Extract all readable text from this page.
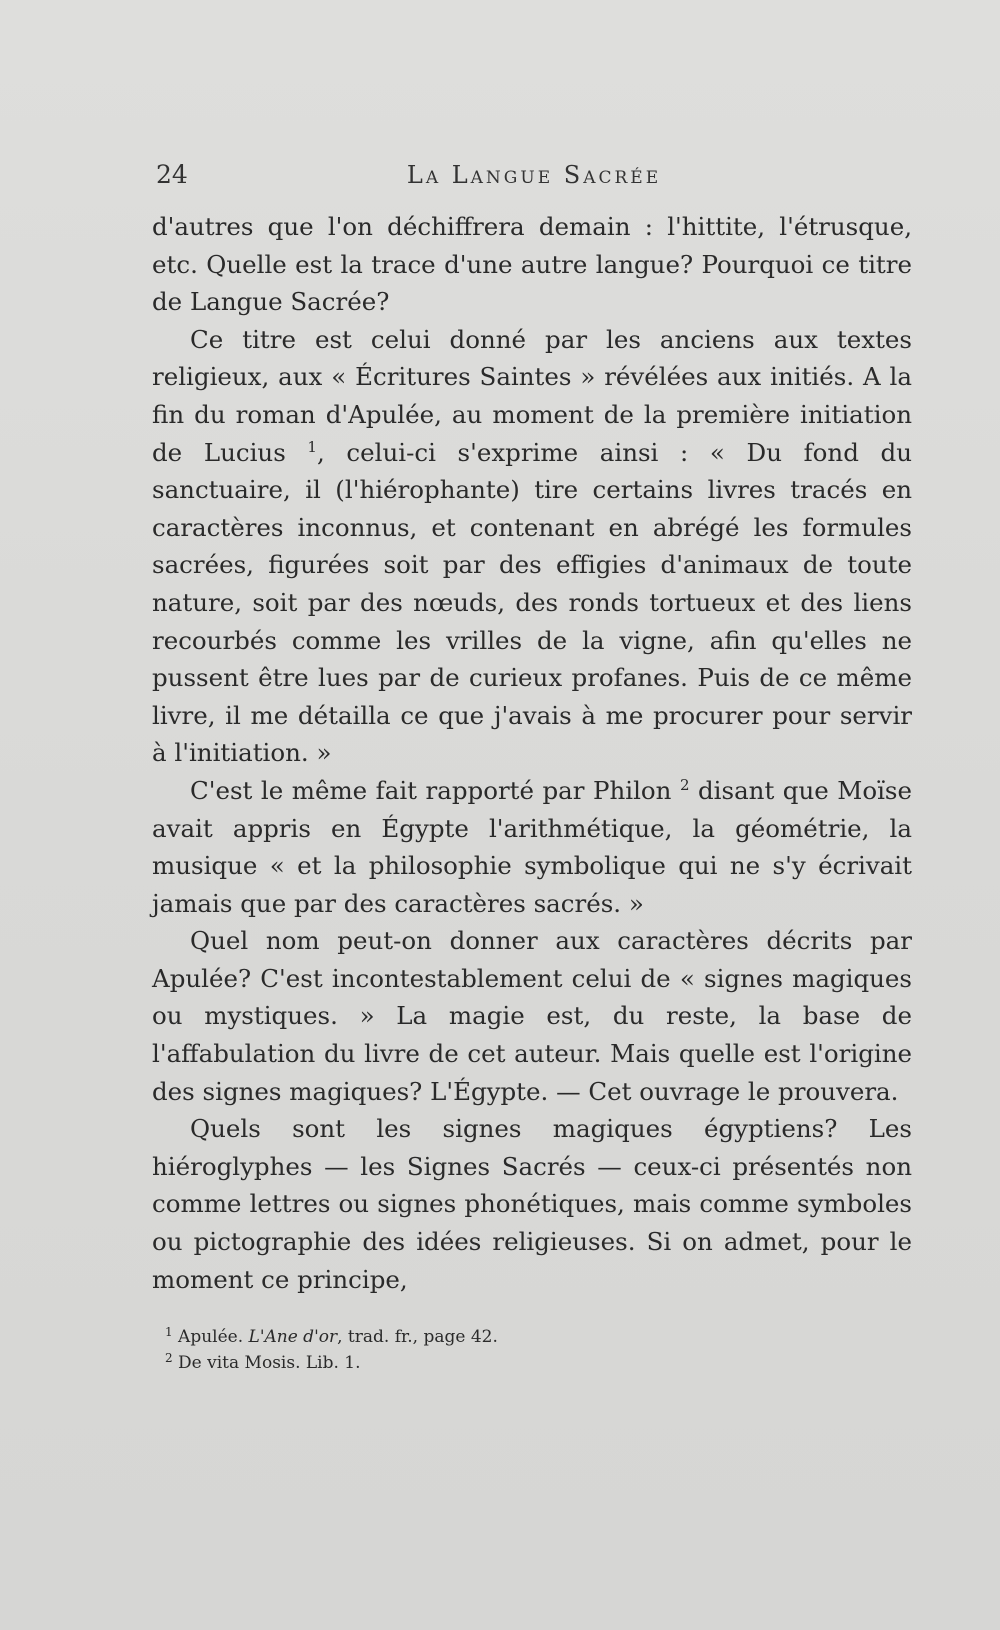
24	La Langue Sacrée

d'autres que l'on déchiffrera demain : l'hittite, l'étrusque, etc. Quelle est la trace d'une autre langue? Pourquoi ce titre de Langue Sacrée?

Ce titre est celui donné par les anciens aux textes religieux, aux « Écritures Saintes » révélées aux initiés. A la fin du roman d'Apulée, au moment de la première initiation de Lucius $^1$, celui-ci s'exprime ainsi : « Du fond du sanctuaire, il (l'hiérophante) tire certains livres tracés en caractères inconnus, et contenant en abrégé les formules sacrées, figurées soit par des effigies d'animaux de toute nature, soit par des nœuds, des ronds tortueux et des liens recourbés comme les vrilles de la vigne, afin qu'elles ne pussent être lues par de curieux profanes. Puis de ce même livre, il me détailla ce que j'avais à me procurer pour servir à l'initiation. »

C'est le même fait rapporté par Philon $^2$ disant que Moïse avait appris en Égypte l'arithmétique, la géométrie, la musique « et la philosophie symbolique qui ne s'y écrivait jamais que par des caractères sacrés. »

Quel nom peut-on donner aux caractères décrits par Apulée? C'est incontestablement celui de « signes magiques ou mystiques. » La magie est, du reste, la base de l'affabulation du livre de cet auteur. Mais quelle est l'origine des signes magiques? L'Égypte. — Cet ouvrage le prouvera.

Quels sont les signes magiques égyptiens? Les hiéroglyphes — les Signes Sacrés — ceux-ci présentés non comme lettres ou signes phonétiques, mais comme symboles ou pictographie des idées religieuses. Si on admet, pour le moment ce principe,

$^1$ Apulée. L'Ane d'or, trad. fr., page 42.

$^2$ De vita Mosis. Lib. 1.
